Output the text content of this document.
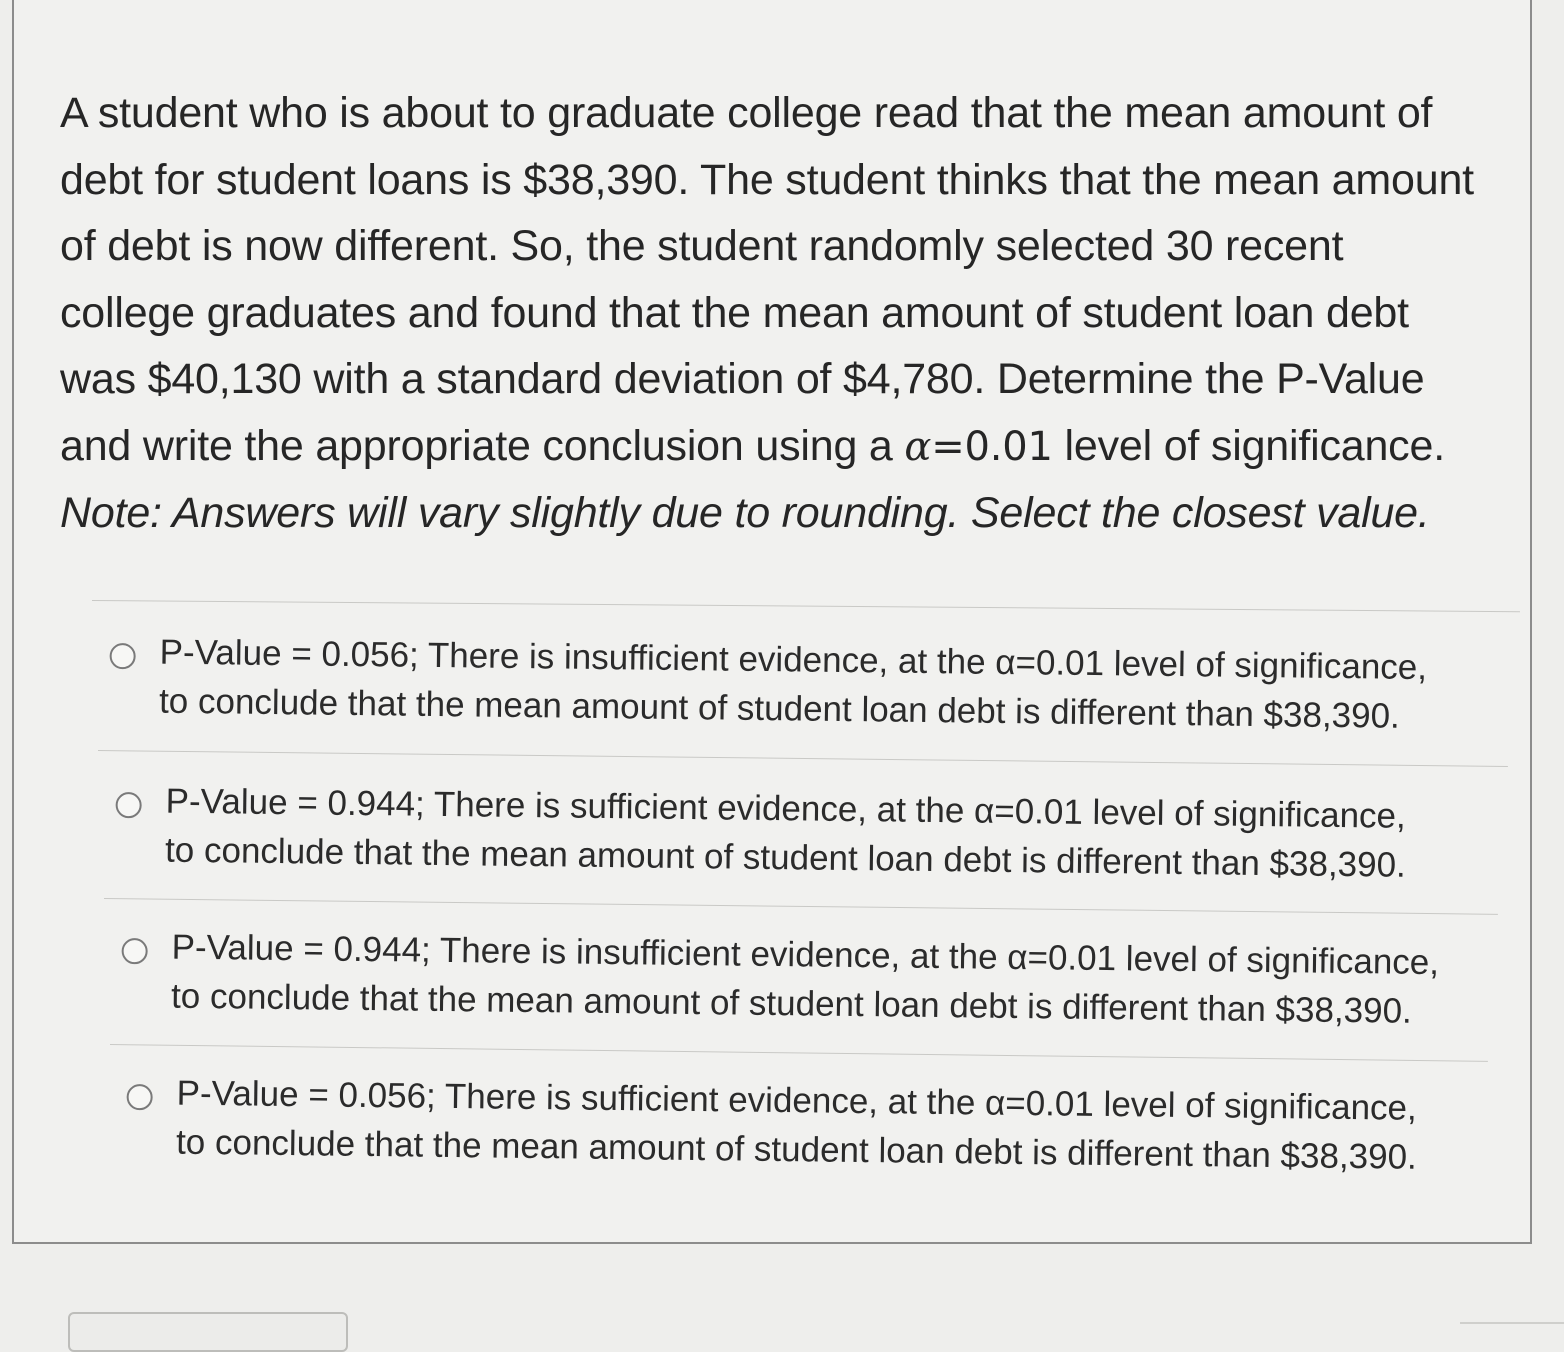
A student who is about to graduate college read that the mean amount of

debt for student loans is $38,390. The student thinks that the mean amount

of debt is now different. So, the student randomly selected 30 recent

college graduates and found that the mean amount of student loan debt

was $40,130 with a standard deviation of $4,780. Determine the P-Value

and write the appropriate conclusion using a α=0.01 level of significance.

Note: Answers will vary slightly due to rounding. Select the closest value.

P-Value = 0.056; There is insufficient evidence, at the α=0.01 level of significance,
to conclude that the mean amount of student loan debt is different than $38,390.
P-Value = 0.944; There is sufficient evidence, at the α=0.01 level of significance,
to conclude that the mean amount of student loan debt is different than $38,390.
P-Value = 0.944; There is insufficient evidence, at the α=0.01 level of significance,
to conclude that the mean amount of student loan debt is different than $38,390.
P-Value = 0.056; There is sufficient evidence, at the α=0.01 level of significance,
to conclude that the mean amount of student loan debt is different than $38,390.
